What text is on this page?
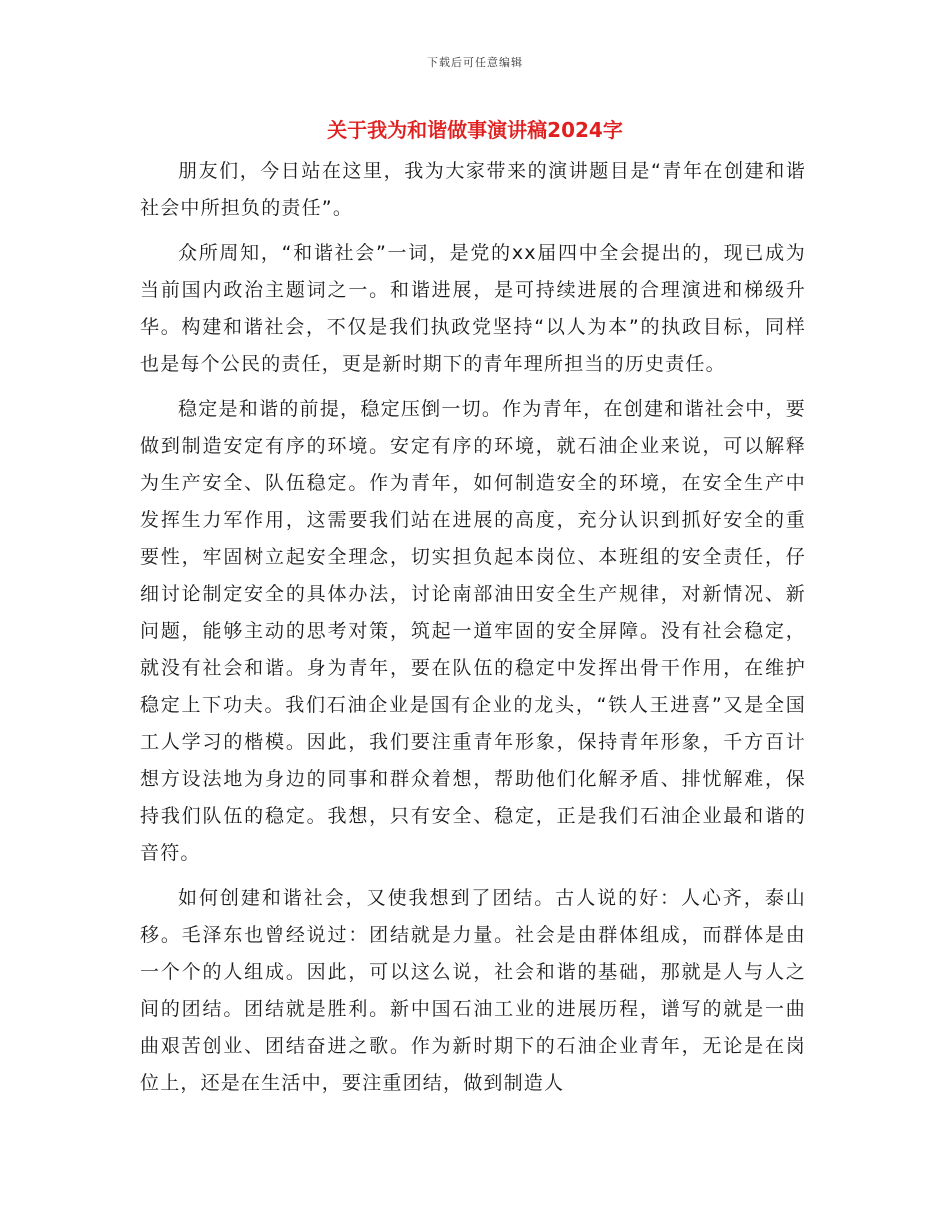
下载后可任意编辑
关于我为和谐做事演讲稿2024字

朋友们，今日站在这里，我为大家带来的演讲题目是“青年在创建和谐社会中所担负的责任”。

众所周知，“和谐社会”一词，是党的xx届四中全会提出的，现已成为当前国内政治主题词之一。和谐进展，是可持续进展的合理演进和梯级升华。构建和谐社会，不仅是我们执政党坚持“以人为本”的执政目标，同样也是每个公民的责任，更是新时期下的青年理所担当的历史责任。

稳定是和谐的前提，稳定压倒一切。作为青年，在创建和谐社会中，要做到制造安定有序的环境。安定有序的环境，就石油企业来说，可以解释为生产安全、队伍稳定。作为青年，如何制造安全的环境，在安全生产中发挥生力军作用，这需要我们站在进展的高度，充分认识到抓好安全的重要性，牢固树立起安全理念，切实担负起本岗位、本班组的安全责任，仔细讨论制定安全的具体办法，讨论南部油田安全生产规律，对新情况、新问题，能够主动的思考对策，筑起一道牢固的安全屏障。没有社会稳定，就没有社会和谐。身为青年，要在队伍的稳定中发挥出骨干作用，在维护稳定上下功夫。我们石油企业是国有企业的龙头，“铁人王进喜”又是全国工人学习的楷模。因此，我们要注重青年形象，保持青年形象，千方百计想方设法地为身边的同事和群众着想，帮助他们化解矛盾、排忧解难，保持我们队伍的稳定。我想，只有安全、稳定，正是我们石油企业最和谐的音符。

如何创建和谐社会，又使我想到了团结。古人说的好：人心齐，泰山移。毛泽东也曾经说过：团结就是力量。社会是由群体组成，而群体是由一个个的人组成。因此，可以这么说，社会和谐的基础，那就是人与人之间的团结。团结就是胜利。新中国石油工业的进展历程，谱写的就是一曲曲艰苦创业、团结奋进之歌。作为新时期下的石油企业青年，无论是在岗位上，还是在生活中，要注重团结，做到制造人
